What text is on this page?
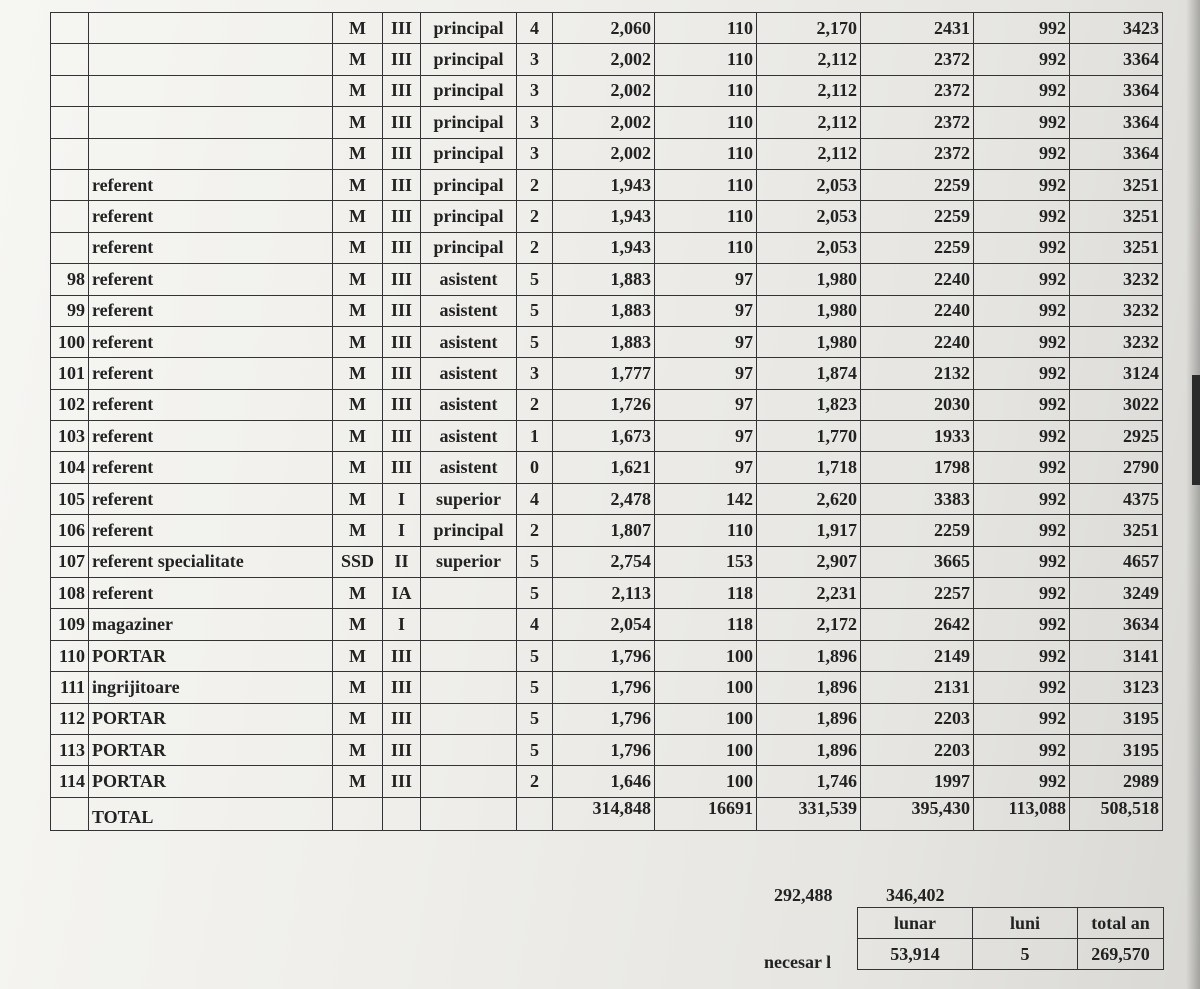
		M	III	principal	4	2,060	110	2,170	2431	992	3423
		M	III	principal	3	2,002	110	2,112	2372	992	3364
		M	III	principal	3	2,002	110	2,112	2372	992	3364
		M	III	principal	3	2,002	110	2,112	2372	992	3364
		M	III	principal	3	2,002	110	2,112	2372	992	3364
	referent	M	III	principal	2	1,943	110	2,053	2259	992	3251
	referent	M	III	principal	2	1,943	110	2,053	2259	992	3251
	referent	M	III	principal	2	1,943	110	2,053	2259	992	3251
98	referent	M	III	asistent	5	1,883	97	1,980	2240	992	3232
99	referent	M	III	asistent	5	1,883	97	1,980	2240	992	3232
100	referent	M	III	asistent	5	1,883	97	1,980	2240	992	3232
101	referent	M	III	asistent	3	1,777	97	1,874	2132	992	3124
102	referent	M	III	asistent	2	1,726	97	1,823	2030	992	3022
103	referent	M	III	asistent	1	1,673	97	1,770	1933	992	2925
104	referent	M	III	asistent	0	1,621	97	1,718	1798	992	2790
105	referent	M	I	superior	4	2,478	142	2,620	3383	992	4375
106	referent	M	I	principal	2	1,807	110	1,917	2259	992	3251
107	referent specialitate	SSD	II	superior	5	2,754	153	2,907	3665	992	4657
108	referent	M	IA		5	2,113	118	2,231	2257	992	3249
109	magaziner	M	I		4	2,054	118	2,172	2642	992	3634
110	PORTAR	M	III		5	1,796	100	1,896	2149	992	3141
111	ingrijitoare	M	III		5	1,796	100	1,896	2131	992	3123
112	PORTAR	M	III		5	1,796	100	1,896	2203	992	3195
113	PORTAR	M	III		5	1,796	100	1,896	2203	992	3195
114	PORTAR	M	III		2	1,646	100	1,746	1997	992	2989
	TOTAL					314,848	16691	331,539	395,430	113,088	508,518
292,488	346,402
lunar	luni	total an
53,914	5	269,570
necesar l
